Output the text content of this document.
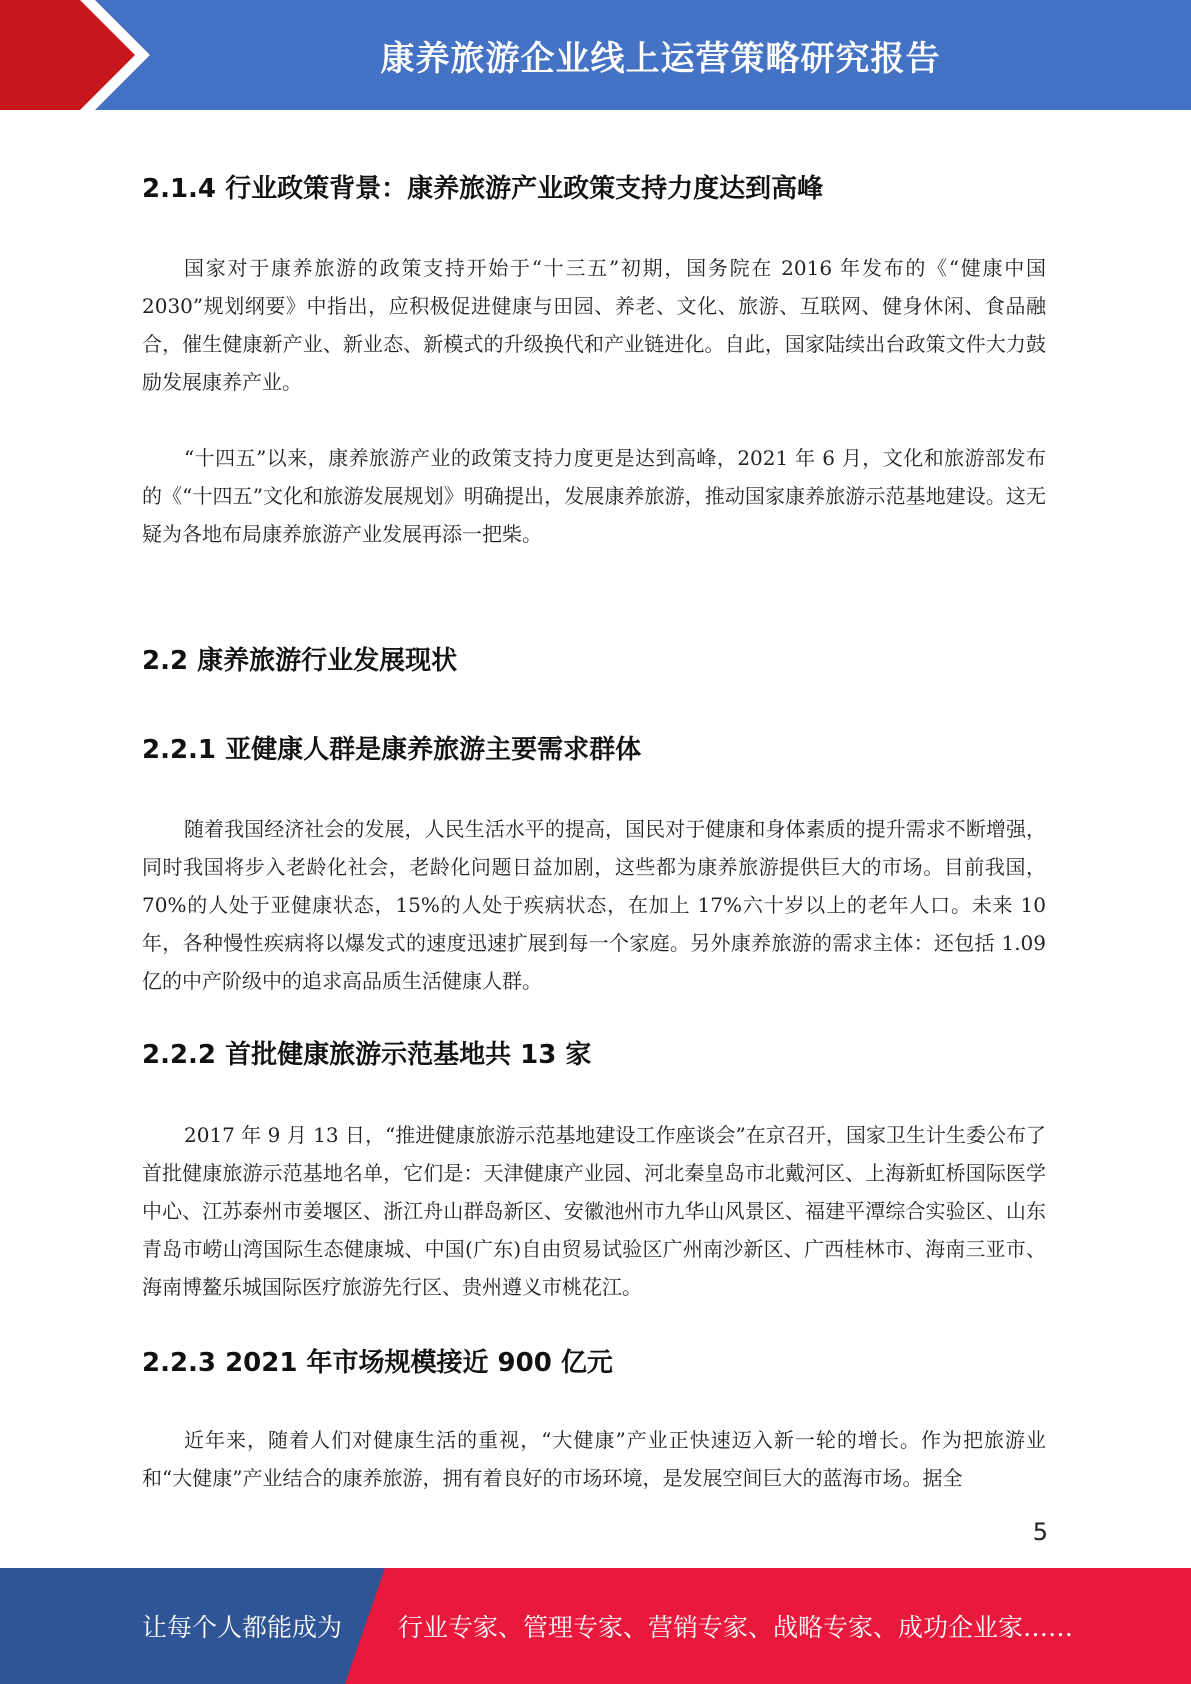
康养旅游企业线上运营策略研究报告
2.1.4 行业政策背景：康养旅游产业政策支持力度达到高峰

国家对于康养旅游的政策支持开始于“十三五”初期，国务院在 2016 年发布的《“健康中国 2030”规划纲要》中指出，应积极促进健康与田园、养老、文化、旅游、互联网、健身休闲、食品融合，催生健康新产业、新业态、新模式的升级换代和产业链进化。自此，国家陆续出台政策文件大力鼓励发展康养产业。

“十四五”以来，康养旅游产业的政策支持力度更是达到高峰，2021 年 6 月，文化和旅游部发布的《“十四五”文化和旅游发展规划》明确提出，发展康养旅游，推动国家康养旅游示范基地建设。这无疑为各地布局康养旅游产业发展再添一把柴。

2.2 康养旅游行业发展现状
2.2.1 亚健康人群是康养旅游主要需求群体

随着我国经济社会的发展，人民生活水平的提高，国民对于健康和身体素质的提升需求不断增强，同时我国将步入老龄化社会，老龄化问题日益加剧，这些都为康养旅游提供巨大的市场。目前我国，70%的人处于亚健康状态，15%的人处于疾病状态，在加上 17%六十岁以上的老年人口。未来 10 年，各种慢性疾病将以爆发式的速度迅速扩展到每一个家庭。另外康养旅游的需求主体：还包括 1.09 亿的中产阶级中的追求高品质生活健康人群。

2.2.2 首批健康旅游示范基地共 13 家

2017 年 9 月 13 日，“推进健康旅游示范基地建设工作座谈会”在京召开，国家卫生计生委公布了首批健康旅游示范基地名单，它们是：天津健康产业园、河北秦皇岛市北戴河区、上海新虹桥国际医学中心、江苏泰州市姜堰区、浙江舟山群岛新区、安徽池州市九华山风景区、福建平潭综合实验区、山东青岛市崂山湾国际生态健康城、中国(广东)自由贸易试验区广州南沙新区、广西桂林市、海南三亚市、海南博鳌乐城国际医疗旅游先行区、贵州遵义市桃花江。

2.2.3 2021 年市场规模接近 900 亿元

近年来，随着人们对健康生活的重视，“大健康”产业正快速迈入新一轮的增长。作为把旅游业和“大健康”产业结合的康养旅游，拥有着良好的市场环境，是发展空间巨大的蓝海市场。据全

5
让每个人都能成为 行业专家、管理专家、营销专家、战略专家、成功企业家……
